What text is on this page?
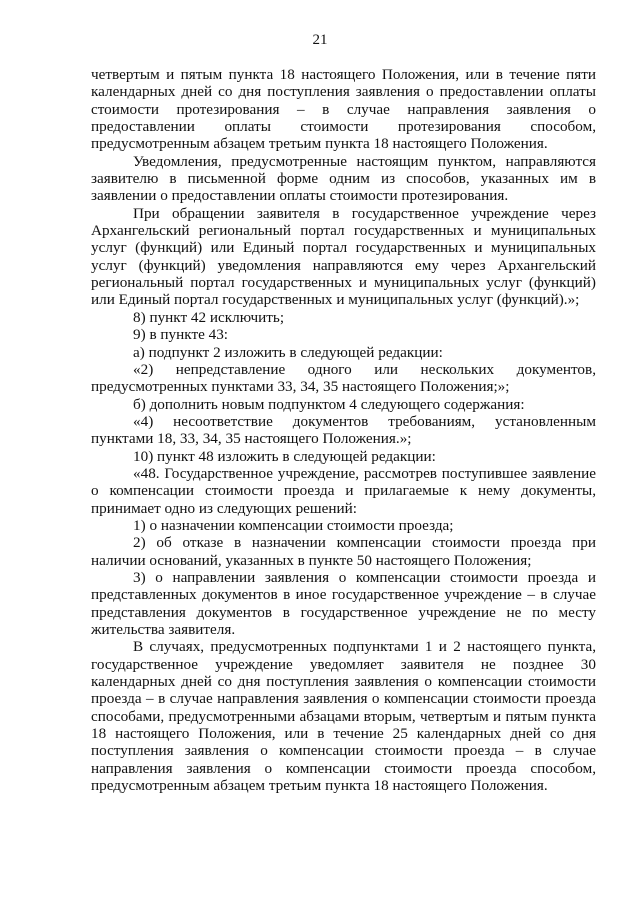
21

четвертым и пятым пункта 18 настоящего Положения, или в течение пяти календарных дней со дня поступления заявления о предоставлении оплаты стоимости протезирования – в случае направления заявления о предоставлении оплаты стоимости протезирования способом, предусмотренным абзацем третьим пункта 18 настоящего Положения.

Уведомления, предусмотренные настоящим пунктом, направляются заявителю в письменной форме одним из способов, указанных им в заявлении о предоставлении оплаты стоимости протезирования.

При обращении заявителя в государственное учреждение через Архангельский региональный портал государственных и муниципальных услуг (функций) или Единый портал государственных и муниципальных услуг (функций) уведомления направляются ему через Архангельский региональный портал государственных и муниципальных услуг (функций) или Единый портал государственных и муниципальных услуг (функций).»;

8) пункт 42 исключить;

9) в пункте 43:

а) подпункт 2 изложить в следующей редакции:

«2) непредставление одного или нескольких документов, предусмотренных пунктами 33, 34, 35 настоящего Положения;»;

б) дополнить новым подпунктом 4 следующего содержания:

«4) несоответствие документов требованиям, установленным пунктами 18, 33, 34, 35 настоящего Положения.»;

10) пункт 48 изложить в следующей редакции:

«48. Государственное учреждение, рассмотрев поступившее заявление о компенсации стоимости проезда и прилагаемые к нему документы, принимает одно из следующих решений:

1) о назначении компенсации стоимости проезда;

2) об отказе в назначении компенсации стоимости проезда при наличии оснований, указанных в пункте 50 настоящего Положения;

3) о направлении заявления о компенсации стоимости проезда и представленных документов в иное государственное учреждение – в случае представления документов в государственное учреждение не по месту жительства заявителя.

В случаях, предусмотренных подпунктами 1 и 2 настоящего пункта, государственное учреждение уведомляет заявителя не позднее 30 календарных дней со дня поступления заявления о компенсации стоимости проезда – в случае направления заявления о компенсации стоимости проезда способами, предусмотренными абзацами вторым, четвертым и пятым пункта 18 настоящего Положения, или в течение 25 календарных дней со дня поступления заявления о компенсации стоимости проезда – в случае направления заявления о компенсации стоимости проезда способом, предусмотренным абзацем третьим пункта 18 настоящего Положения.
